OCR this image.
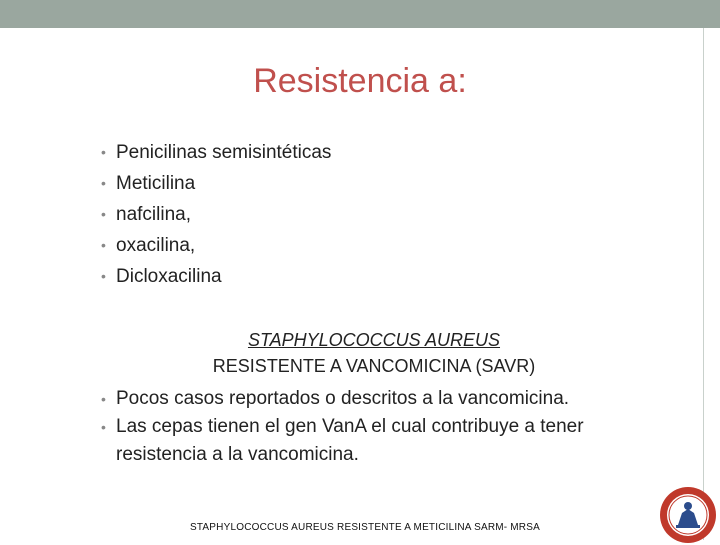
Resistencia a:
• Penicilinas semisintéticas
• Meticilina
• nafcilina,
• oxacilina,
• Dicloxacilina
STAPHYLOCOCCUS AUREUS
RESISTENTE A VANCOMICINA (SAVR)
• Pocos casos reportados o descritos a la vancomicina.
• Las cepas tienen el gen VanA el cual contribuye a tener
resistencia a la vancomicina.
STAPHYLOCOCCUS AUREUS RESISTENTE A METICILINA SARM- MRSA
